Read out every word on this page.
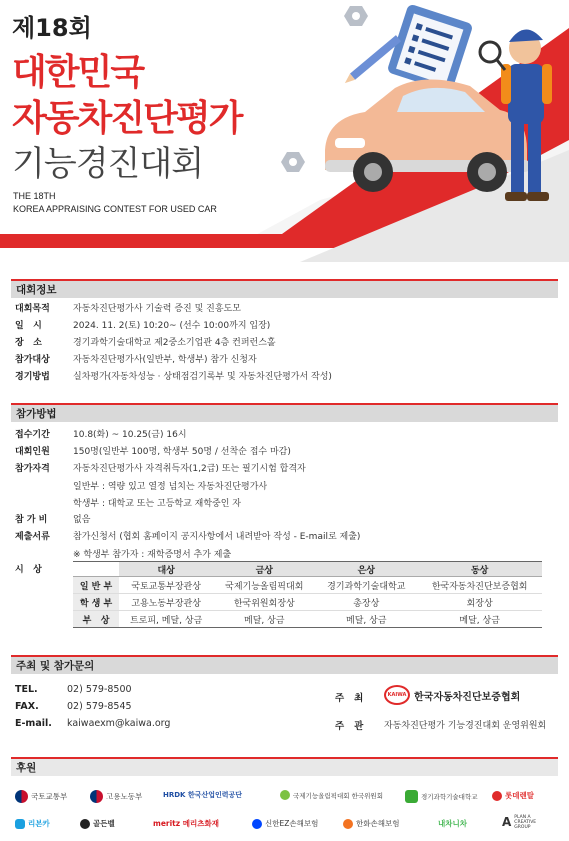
제18회
대한민국
자동차진단평가
기능경진대회
THE 18TH
KOREA APPRAISING CONTEST FOR USED CAR
대회정보
대회목적	자동차진단평가사 기술력 증진 및 진흥도모
일   시	2024. 11. 2(토) 10:20~ (선수 10:00까지 입장)
장   소	경기과학기술대학교 제2중소기업관 4층 컨퍼런스홀
참가대상	자동차진단평가사(일반부, 학생부) 참가 신청자
경기방법	실차평가(자동차성능 · 상태점검기록부 및 자동차진단평가서 작성)
참가방법
접수기간	10.8(화) ~ 10.25(금) 16시
대회인원	150명(일반부 100명, 학생부 50명 / 선착순 접수 마감)
참가자격	자동차진단평가사 자격취득자(1,2급) 또는 필기시험 합격자
일반부 : 역량 있고 열정 넘치는 자동차진단평가사
학생부 : 대학교 또는 고등학교 재학중인 자
참 가 비	없음
제출서류	참가신청서 (협회 홈페이지 공지사항에서 내려받아 작성 - E-mail로 제출)
※ 학생부 참가자 : 재학증명서 추가 제출
시   상
		대상	금상	은상	동상
일 반 부	국토교통부장관상	국제기능올림픽대회	경기과학기술대학교	한국자동차진단보증협회
학 생 부	고용노동부장관상	한국위원회장상	총장상	회장상
부   상	트로피, 메달, 상금	메달, 상금	메달, 상금	메달, 상금
주최 및 참가문의
TEL.	02) 579-8500
FAX.	02) 579-8545
E-mail. kaiwaexm@kaiwa.org
주   최	KAIWA 한국자동차진단보증협회
주   관 자동차진단평가 기능경진대회 운영위원회
후원
국토교통부	고용노동부	HRDK 한국산업인력공단	국제기능올림픽대회 한국위원회	경기과학기술대학교	롯데렌탈
리본카	골든벨	meritz 메리츠화재	신한EZ손해보험	한화손해보험	내차니차	A PLAN A CREATIVE GROUP
